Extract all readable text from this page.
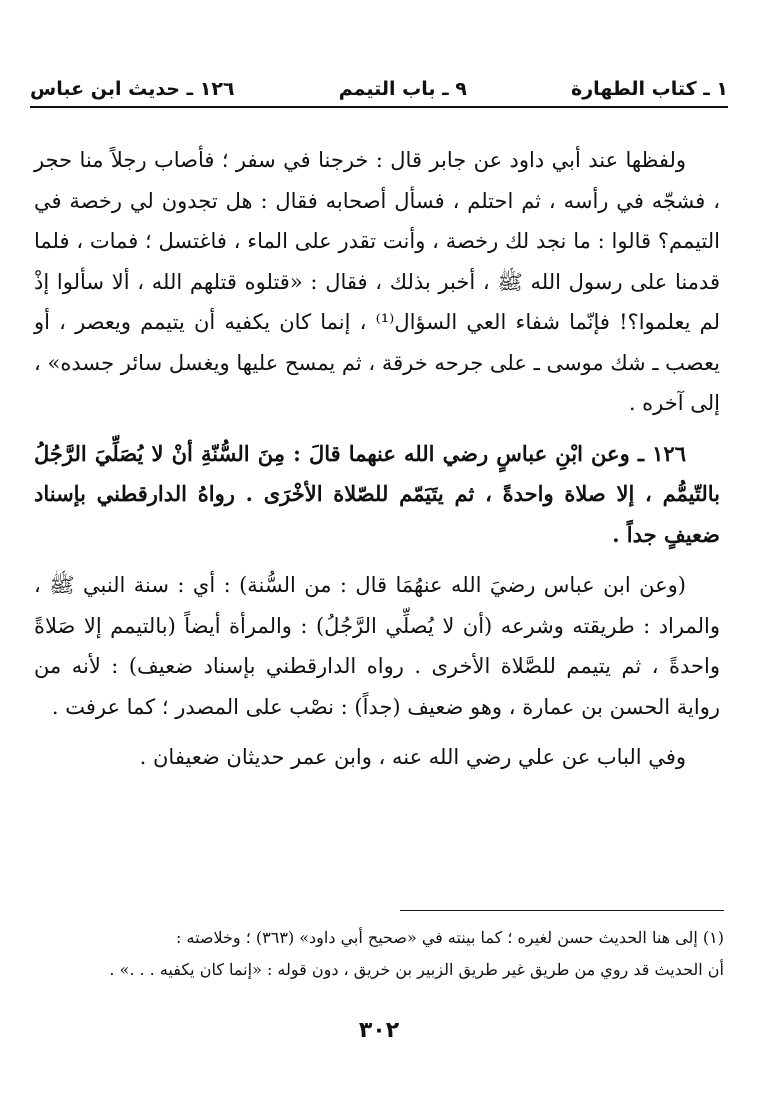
١ ـ كتاب الطهارة
٩ ـ باب التيمم
١٢٦ ـ حديث ابن عباس

ولفظها عند أبي داود عن جابر قال : خرجنا في سفر ؛ فأصاب رجلاً منا حجر ، فشجّه في رأسه ، ثم احتلم ، فسأل أصحابه فقال : هل تجدون لي رخصة في التيمم؟ قالوا : ما نجد لك رخصة ، وأنت تقدر على الماء ، فاغتسل ؛ فمات ، فلما قدمنا على رسول الله ﷺ ، أخبر بذلك ، فقال : «قتلوه قتلهم الله ، ألا سألوا إذْ لم يعلموا؟! فإنّما شفاء العي السؤال⁽¹⁾ ، إنما كان يكفيه أن يتيمم ويعصر ، أو يعصب ـ شك موسى ـ على جرحه خرقة ، ثم يمسح عليها ويغسل سائر جسده» ، إلى آخره .

١٢٦ ـ وعن ابْنِ عباسٍ رضي الله عنهما قالَ : مِنَ السُّنّةِ أنْ لا يُصَلِّيَ الرَّجُلُ بالتّيمُّم ، إلا صلاة واحدةً ، ثم يتَيَمّم للصّلاة الأخْرَى . رواهُ الدارقطني بإسناد ضعيفٍ جداً .

(وعن ابن عباس رضيَ الله عنهُمَا قال : من السُّنة) : أي : سنة النبي ﷺ ، والمراد : طريقته وشرعه (أن لا يُصلِّي الرَّجُلُ) : والمرأة أيضاً (بالتيمم إلا صَلاةً واحدةً ، ثم يتيمم للصَّلاة الأخرى . رواه الدارقطني بإسناد ضعيف) : لأنه من رواية الحسن بن عمارة ، وهو ضعيف (جداً) : نصْب على المصدر ؛ كما عرفت .

وفي الباب عن علي رضي الله عنه ، وابن عمر حديثان ضعيفان .

(١) إلى هنا الحديث حسن لغيره ؛ كما بينته في «صحيح أبي داود» (٣٦٣) ؛ وخلاصته :

أن الحديث قد روي من طريق غير طريق الزبير بن خريق ، دون قوله : «إنما كان يكفيه . . .» .

٣٠٢
